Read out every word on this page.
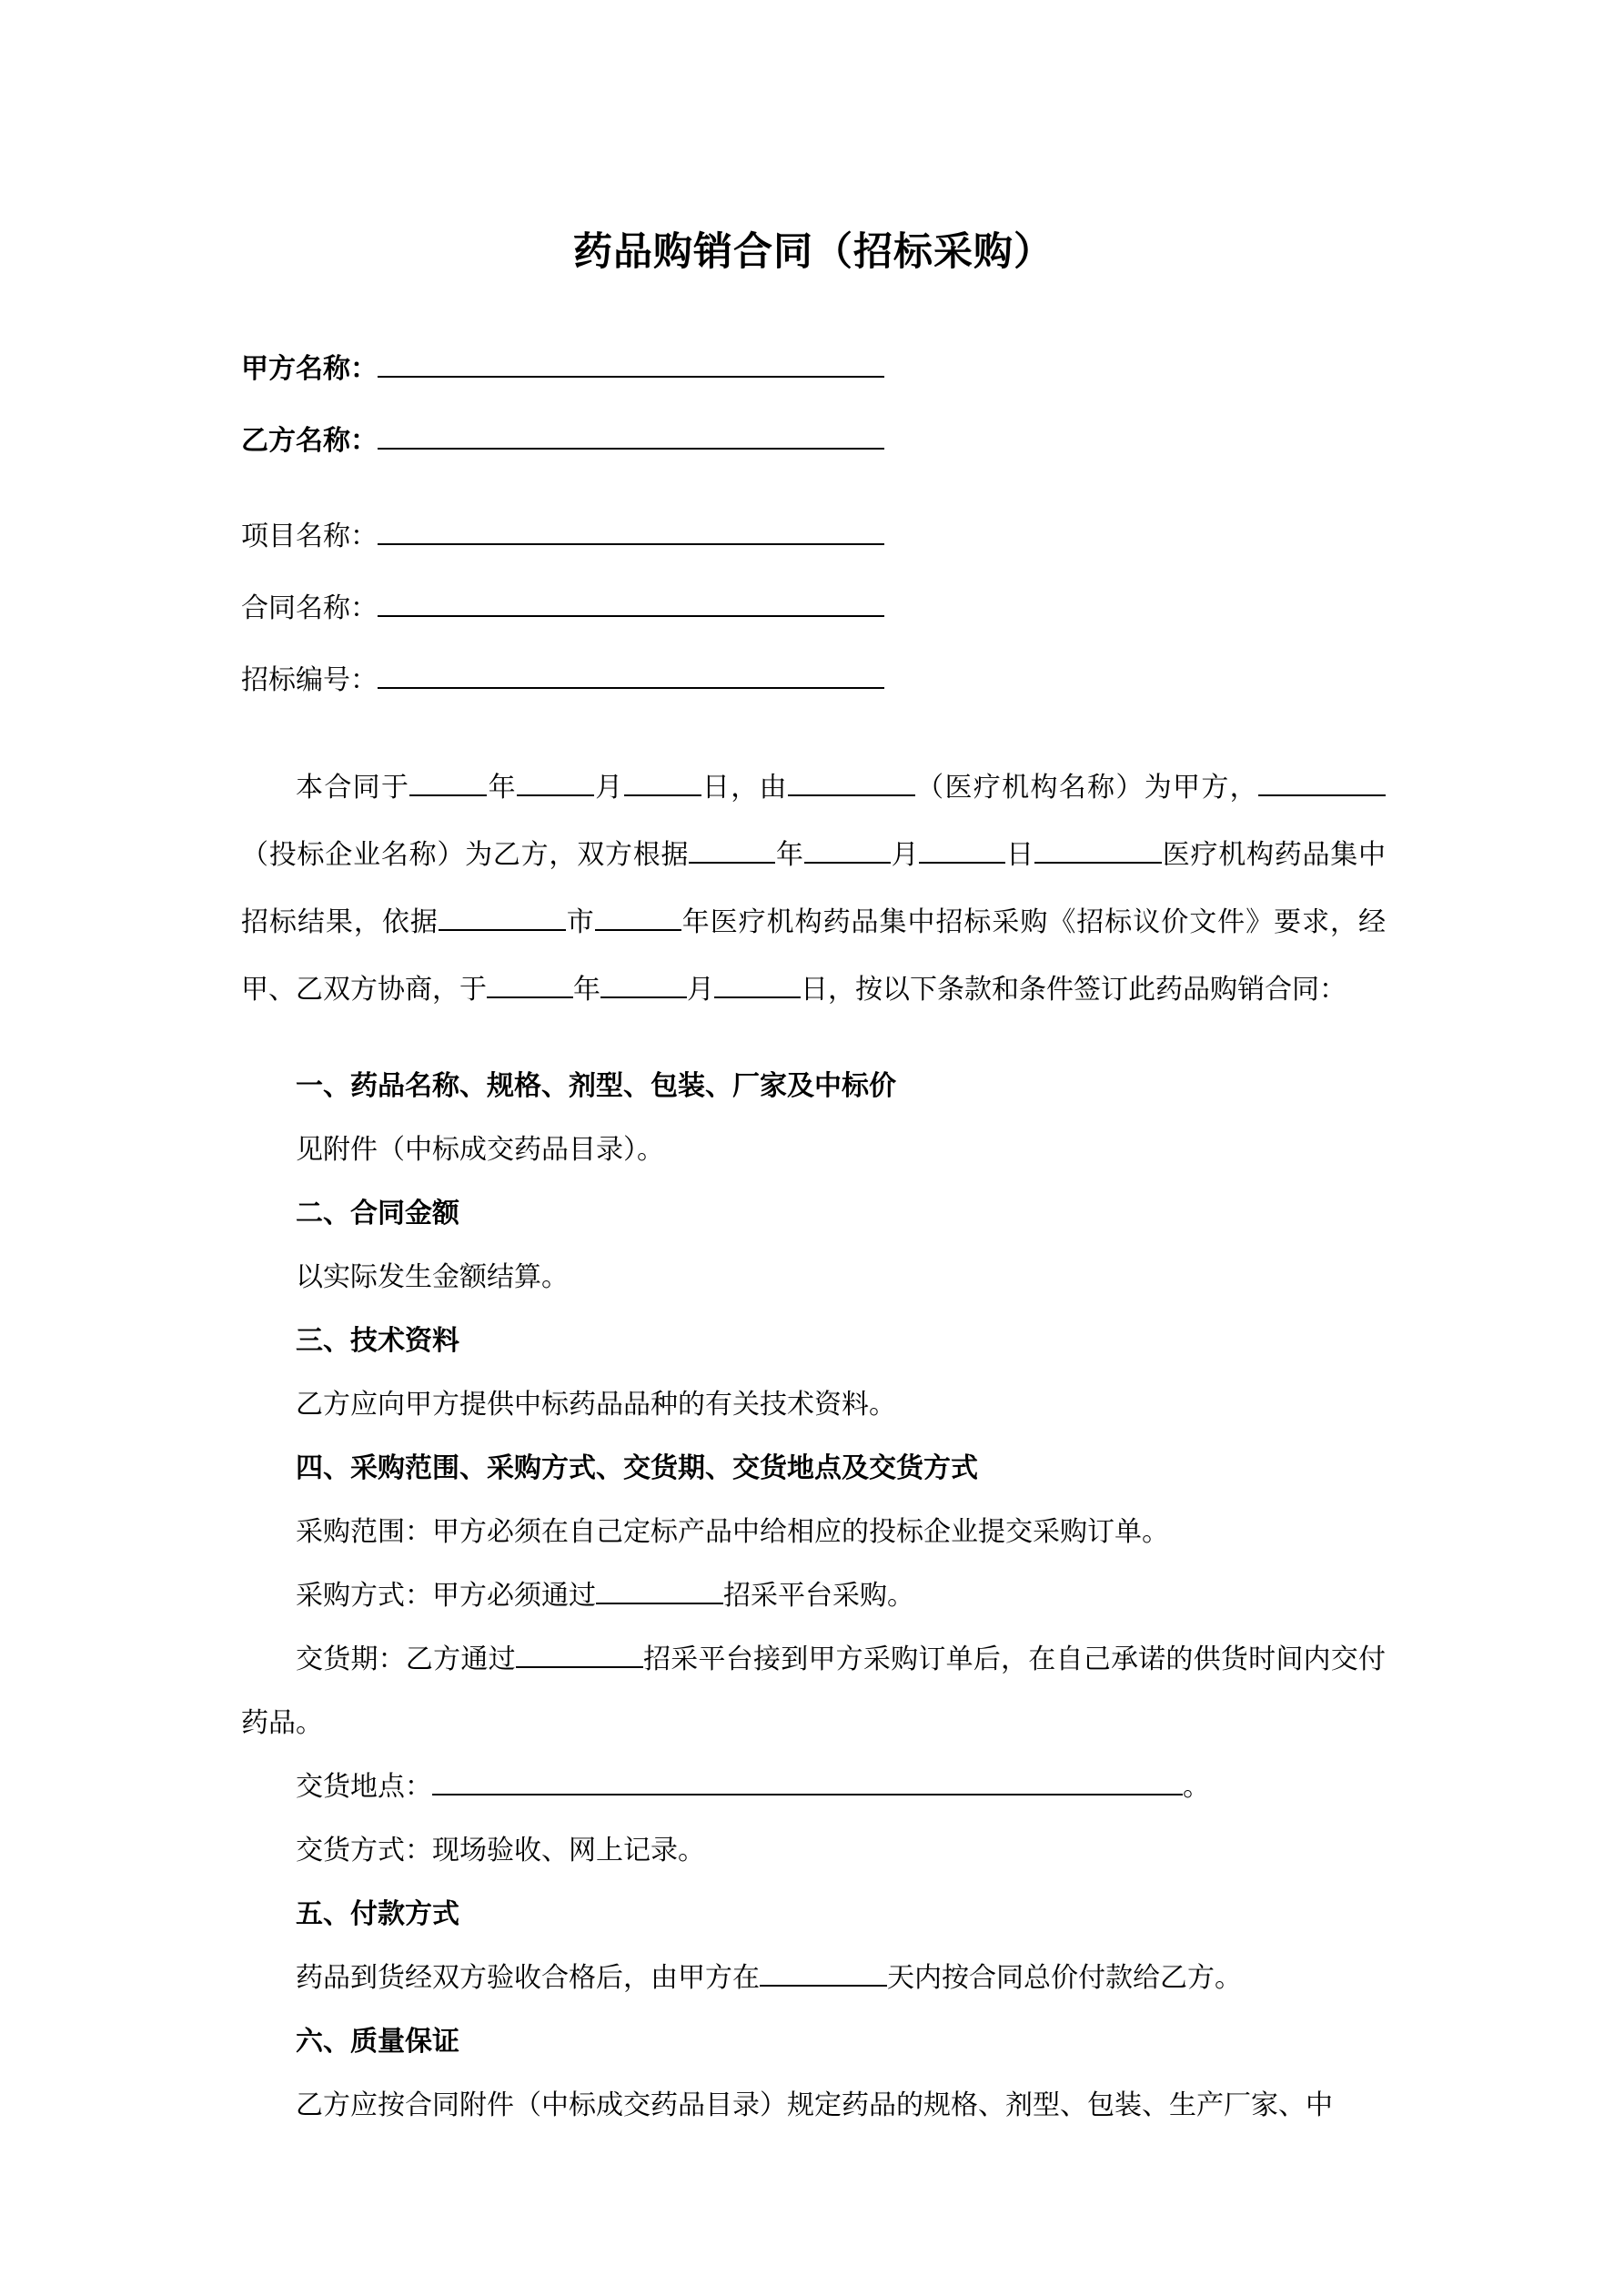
药品购销合同（招标采购）
甲方名称：
乙方名称：
项目名称：
合同名称：
招标编号：

本合同于	年	月	日，由	（医疗机构名称）为甲方，（投标企业名称）为乙方，双方根据	年	月	日	医疗机构药品集中招标结果，依据	市	年医疗机构药品集中招标采购《招标议价文件》要求，经甲、乙双方协商，于	年	月	日，按以下条款和条件签订此药品购销合同：

一、药品名称、规格、剂型、包装、厂家及中标价

见附件（中标成交药品目录）。

二、合同金额

以实际发生金额结算。

三、技术资料

乙方应向甲方提供中标药品品种的有关技术资料。

四、采购范围、采购方式、交货期、交货地点及交货方式

采购范围：甲方必须在自己定标产品中给相应的投标企业提交采购订单。

采购方式：甲方必须通过	招采平台采购。

交货期：乙方通过	招采平台接到甲方采购订单后，在自己承诺的供货时间内交付药品。

交货地点：	。

交货方式：现场验收、网上记录。

五、付款方式

药品到货经双方验收合格后，由甲方在	天内按合同总价付款给乙方。

六、质量保证

乙方应按合同附件（中标成交药品目录）规定药品的规格、剂型、包装、生产厂家、中
